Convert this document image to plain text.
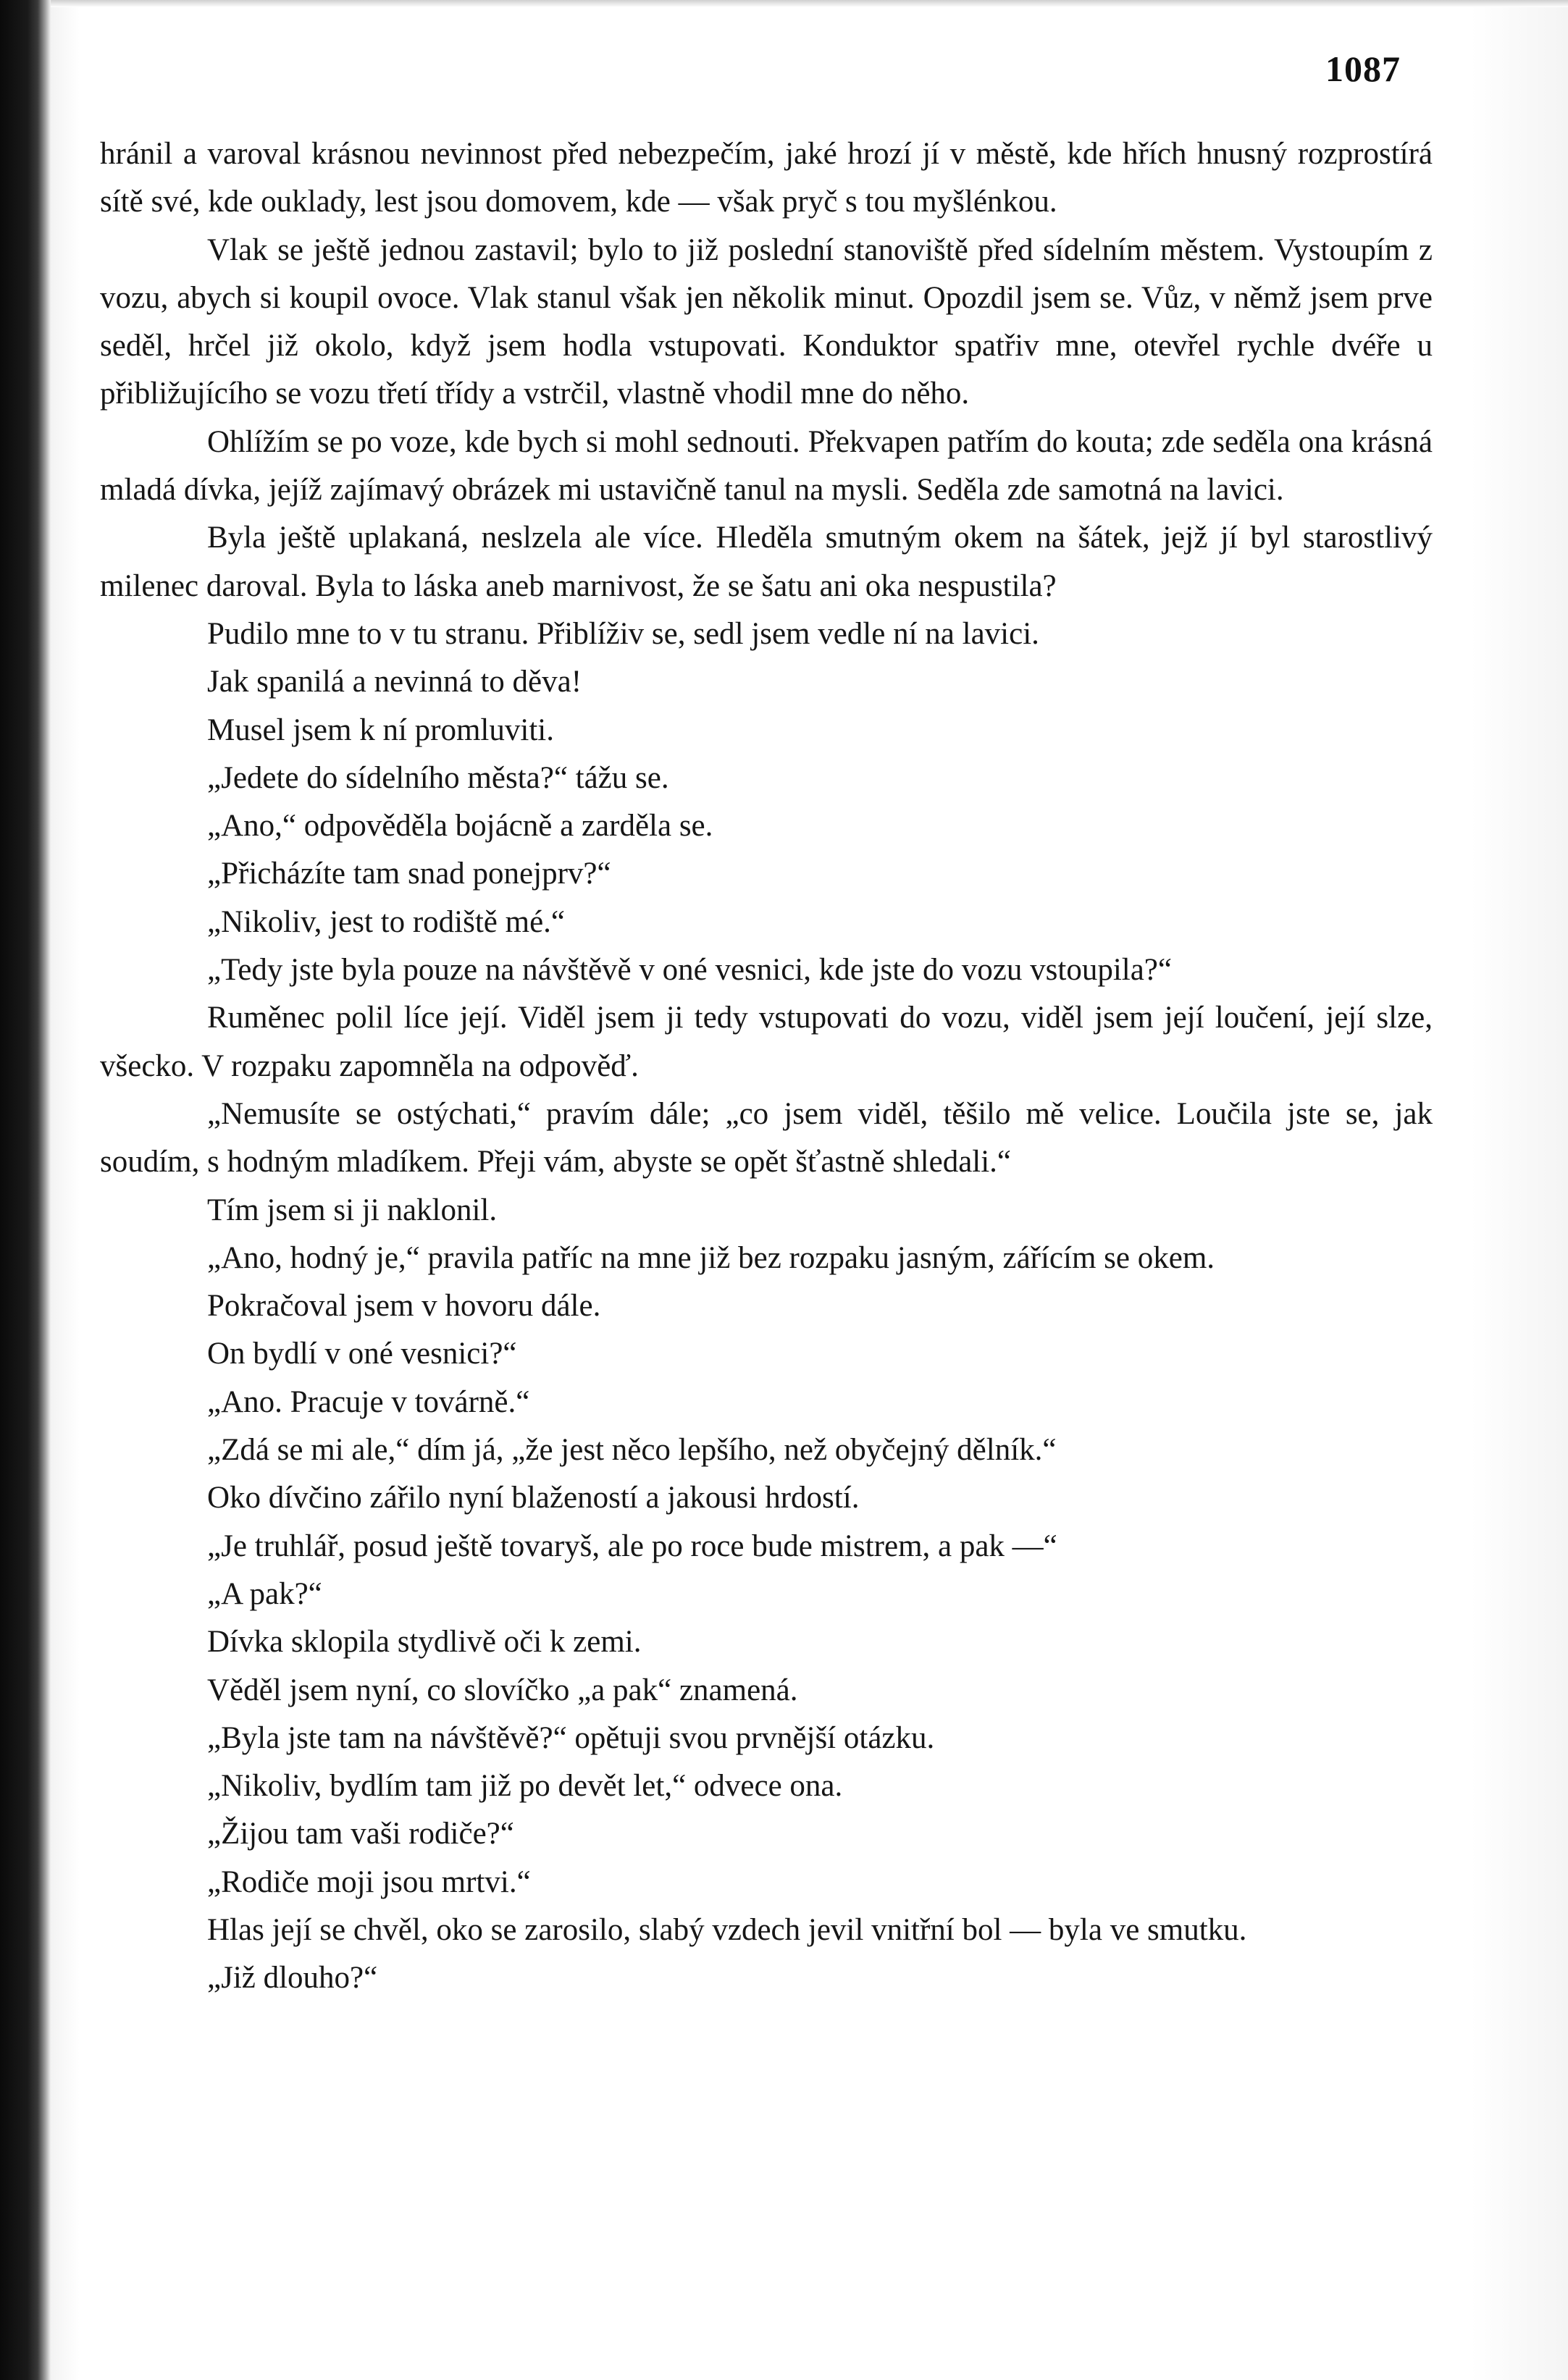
1087

hránil a varoval krásnou nevinnost před nebezpečím, jaké hrozí jí v městě, kde hřích hnusný rozprostírá sítě své, kde ouklady, lest jsou domovem, kde — však pryč s tou myšlénkou.

Vlak se ještě jednou zastavil; bylo to již poslední stanoviště před sídelním městem. Vystoupím z vozu, abych si koupil ovoce. Vlak stanul však jen několik minut. Opozdil jsem se. Vůz, v němž jsem prve seděl, hrčel již okolo, když jsem hodla vstupovati. Konduktor spatřiv mne, otevřel rychle dvéře u přibližujícího se vozu třetí třídy a vstrčil, vlastně vhodil mne do něho.

Ohlížím se po voze, kde bych si mohl sednouti. Překvapen patřím do kouta; zde seděla ona krásná mladá dívka, jejíž zajímavý obrázek mi ustavičně tanul na mysli. Seděla zde samotná na lavici.

Byla ještě uplakaná, neslzela ale více. Hleděla smutným okem na šátek, jejž jí byl starostlivý milenec daroval. Byla to láska aneb marnivost, že se šatu ani oka nespustila?

Pudilo mne to v tu stranu. Přiblíživ se, sedl jsem vedle ní na lavici.

Jak spanilá a nevinná to děva!

Musel jsem k ní promluviti.

„Jedete do sídelního města?“ tážu se.

„Ano,“ odpověděla bojácně a zarděla se.

„Přicházíte tam snad ponejprv?“

„Nikoliv, jest to rodiště mé.“

„Tedy jste byla pouze na návštěvě v oné vesnici, kde jste do vozu vstoupila?“

Ruměnec polil líce její. Viděl jsem ji tedy vstupovati do vozu, viděl jsem její loučení, její slze, všecko. V rozpaku zapomněla na odpověď.

„Nemusíte se ostýchati,“ pravím dále; „co jsem viděl, těšilo mě velice. Loučila jste se, jak soudím, s hodným mladíkem. Přeji vám, abyste se opět šťastně shledali.“

Tím jsem si ji naklonil.

„Ano, hodný je,“ pravila patříc na mne již bez rozpaku jasným, zářícím se okem.

Pokračoval jsem v hovoru dále.

On bydlí v oné vesnici?“

„Ano. Pracuje v továrně.“

„Zdá se mi ale,“ dím já, „že jest něco lepšího, než obyčejný dělník.“

Oko dívčino zářilo nyní blažeností a jakousi hrdostí.

„Je truhlář, posud ještě tovaryš, ale po roce bude mistrem, a pak —“

„A pak?“

Dívka sklopila stydlivě oči k zemi.

Věděl jsem nyní, co slovíčko „a pak“ znamená.

„Byla jste tam na návštěvě?“ opětuji svou prvnější otázku.

„Nikoliv, bydlím tam již po devět let,“ odvece ona.

„Žijou tam vaši rodiče?“

„Rodiče moji jsou mrtvi.“

Hlas její se chvěl, oko se zarosilo, slabý vzdech jevil vnitřní bol — byla ve smutku.

„Již dlouho?“
